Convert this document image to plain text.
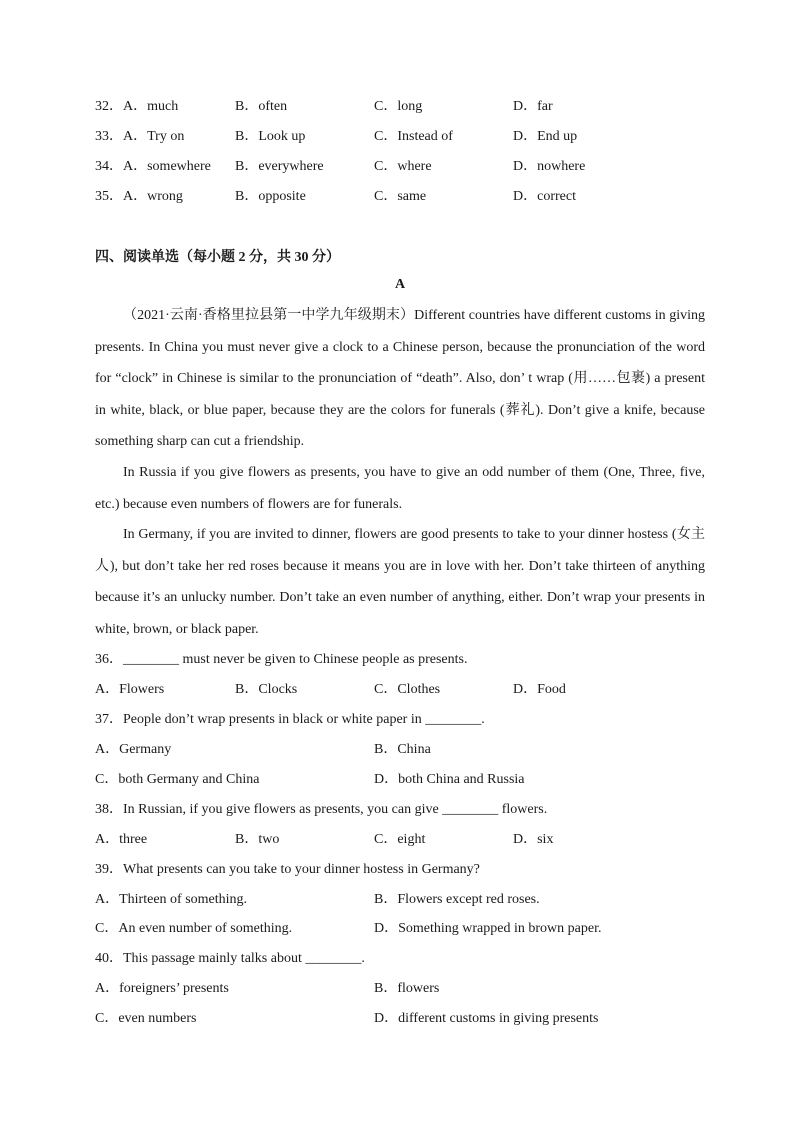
32．A．much	B．often	C．long	D．far
33．A．Try on	B．Look up	C．Instead of	D．End up
34．A．somewhere B．everywhere	C．where	D．nowhere
35．A．wrong	B．opposite	C．same	D．correct
四、阅读单选（每小题 2 分，共 30 分）
A
（2021·云南·香格里拉县第一中学九年级期末）Different countries have different customs in giving presents. In China you must never give a clock to a Chinese person, because the pronunciation of the word for “clock” in Chinese is similar to the pronunciation of “death”. Also, don’ t wrap (用……包裹) a present in white, black, or blue paper, because they are the colors for funerals (葬礼). Don’t give a knife, because something sharp can cut a friendship.
In Russia if you give flowers as presents, you have to give an odd number of them (One, Three, five, etc.) because even numbers of flowers are for funerals.
In Germany, if you are invited to dinner, flowers are good presents to take to your dinner hostess (女主人), but don’t take her red roses because it means you are in love with her. Don’t take thirteen of anything because it’s an unlucky number. Don’t take an even number of anything, either. Don’t wrap your presents in white, brown, or black paper.
36．________ must never be given to Chinese people as presents.
A．Flowers	B．Clocks	C．Clothes	D．Food
37．People don’t wrap presents in black or white paper in ________.
A．Germany	B．China
C．both Germany and China	D．both China and Russia
38．In Russian, if you give flowers as presents, you can give ________ flowers.
A．three	B．two	C．eight	D．six
39．What presents can you take to your dinner hostess in Germany?
A．Thirteen of something.	B．Flowers except red roses.
C．An even number of something.	D．Something wrapped in brown paper.
40．This passage mainly talks about ________.
A．foreigners’ presents	B．flowers
C．even numbers	D．different customs in giving presents
